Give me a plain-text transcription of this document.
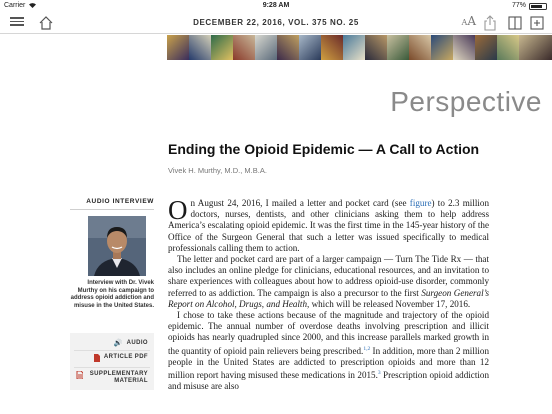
Carrier	9:28 AM	77%
DECEMBER 22, 2016, VOL. 375 NO. 25	AA
Perspective
Ending the Opioid Epidemic — A Call to Action
Vivek H. Murthy, M.D., M.B.A.
AUDIO INTERVIEW
Interview with Dr. Vivek Murthy on his campaign to address opioid addiction and misuse in the United States.
🔊 AUDIO
ARTICLE PDF
SUPPLEMENTARY MATERIAL

On August 24, 2016, I mailed a letter and pocket card (see figure) to 2.3 million doctors, nurses, dentists, and other clinicians asking them to help address America’s escalating opioid epidemic. It was the first time in the 145-year history of the Office of the Surgeon General that such a letter was issued specifically to medical professionals calling them to action.

The letter and pocket card are part of a larger campaign — Turn The Tide Rx — that also includes an online pledge for clinicians, educational resources, and an invitation to share experiences with colleagues about how to address opioid-use disorder, commonly referred to as addiction. The campaign is also a precursor to the first Surgeon General’s Report on Alcohol, Drugs, and Health, which will be released November 17, 2016.

I chose to take these actions because of the magnitude and trajectory of the opioid epidemic. The annual number of overdose deaths involving prescription and illicit opioids has nearly quadrupled since 2000, and this increase parallels marked growth in the quantity of opioid pain relievers being prescribed.$^{1,2}$ In addition, more than 2 million people in the United States are addicted to prescription opioids and more than 12 million report having misused these medications in 2015.$^3$ Prescription opioid addiction and misuse are also
